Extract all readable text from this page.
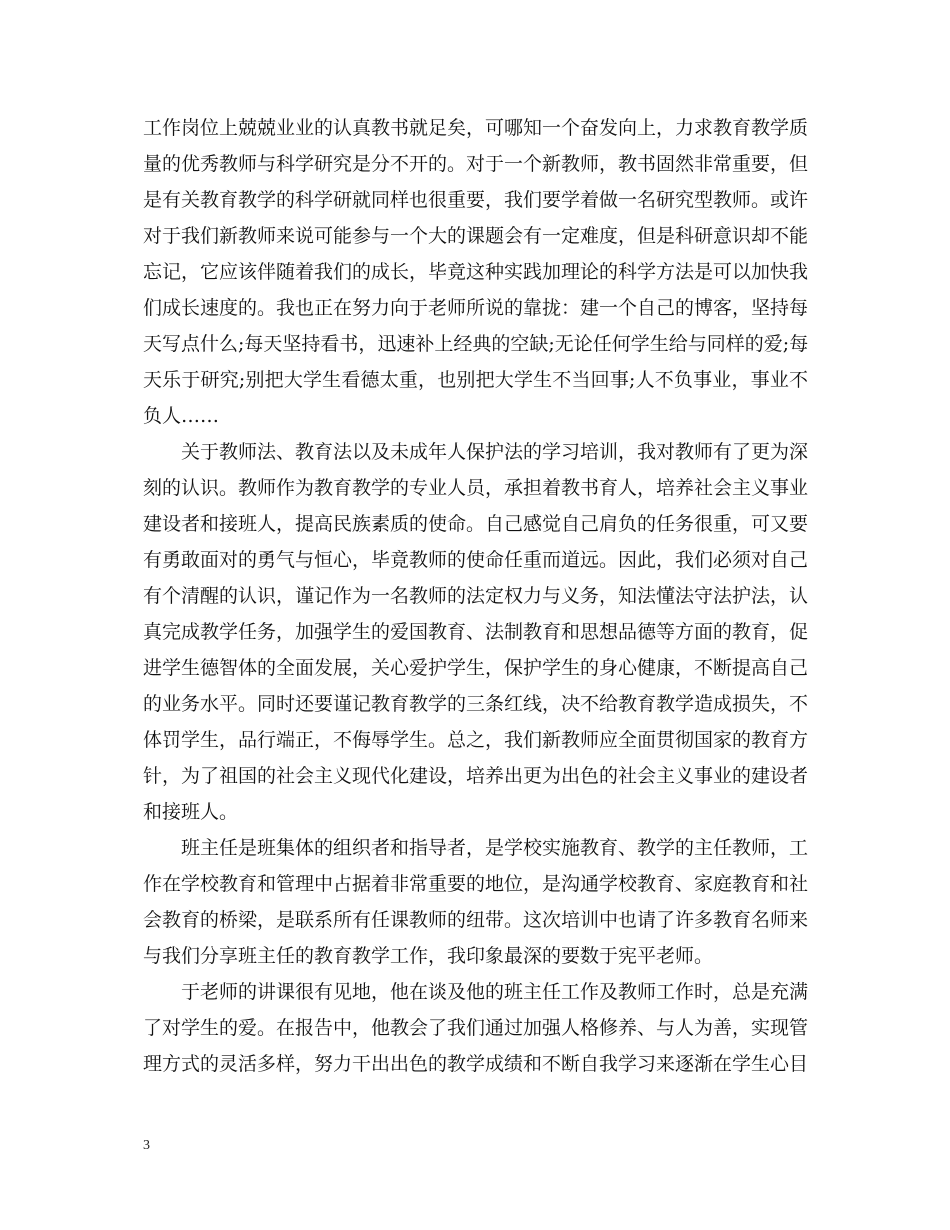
工作岗位上兢兢业业的认真教书就足矣，可哪知一个奋发向上，力求教育教学质
量的优秀教师与科学研究是分不开的。对于一个新教师，教书固然非常重要，但
是有关教育教学的科学研就同样也很重要，我们要学着做一名研究型教师。或许
对于我们新教师来说可能参与一个大的课题会有一定难度，但是科研意识却不能
忘记，它应该伴随着我们的成长，毕竟这种实践加理论的科学方法是可以加快我
们成长速度的。我也正在努力向于老师所说的靠拢：建一个自己的博客，坚持每
天写点什么;每天坚持看书，迅速补上经典的空缺;无论任何学生给与同样的爱;每
天乐于研究;别把大学生看德太重，也别把大学生不当回事;人不负事业，事业不
负人……
关于教师法、教育法以及未成年人保护法的学习培训，我对教师有了更为深
刻的认识。教师作为教育教学的专业人员，承担着教书育人，培养社会主义事业
建设者和接班人，提高民族素质的使命。自己感觉自己肩负的任务很重，可又要
有勇敢面对的勇气与恒心，毕竟教师的使命任重而道远。因此，我们必须对自己
有个清醒的认识，谨记作为一名教师的法定权力与义务，知法懂法守法护法，认
真完成教学任务，加强学生的爱国教育、法制教育和思想品德等方面的教育，促
进学生德智体的全面发展，关心爱护学生，保护学生的身心健康，不断提高自己
的业务水平。同时还要谨记教育教学的三条红线，决不给教育教学造成损失，不
体罚学生，品行端正，不侮辱学生。总之，我们新教师应全面贯彻国家的教育方
针，为了祖国的社会主义现代化建设，培养出更为出色的社会主义事业的建设者
和接班人。
班主任是班集体的组织者和指导者，是学校实施教育、教学的主任教师，工
作在学校教育和管理中占据着非常重要的地位，是沟通学校教育、家庭教育和社
会教育的桥梁，是联系所有任课教师的纽带。这次培训中也请了许多教育名师来
与我们分享班主任的教育教学工作，我印象最深的要数于宪平老师。
于老师的讲课很有见地，他在谈及他的班主任工作及教师工作时，总是充满
了对学生的爱。在报告中，他教会了我们通过加强人格修养、与人为善，实现管
理方式的灵活多样，努力干出出色的教学成绩和不断自我学习来逐渐在学生心目
3
